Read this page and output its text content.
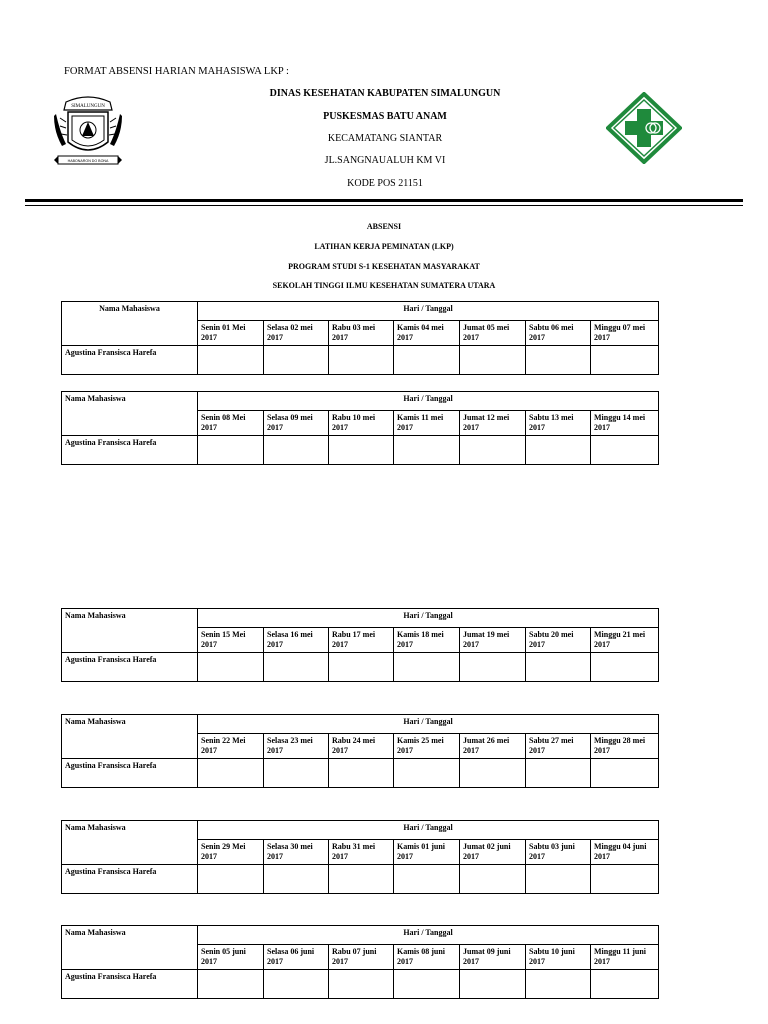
FORMAT ABSENSI HARIAN MAHASISWA LKP :
SIMALUNGUN
HABONARON DO BONA
DINAS KESEHATAN KABUPATEN SIMALUNGUN
PUSKESMAS BATU ANAM
KECAMATANG SIANTAR
JL.SANGNAUALUH KM VI
KODE POS 21151
ABSENSI
LATIHAN KERJA PEMINATAN (LKP)
PROGRAM STUDI S-1 KESEHATAN MASYARAKAT
SEKOLAH TINGGI ILMU KESEHATAN SUMATERA UTARA
Nama Mahasiswa	Hari / Tanggal						
	Senin 01 Mei 2017	Selasa 02 mei 2017	Rabu 03 mei 2017	Kamis 04 mei 2017	Jumat 05 mei 2017	Sabtu 06 mei 2017	Minggu 07 mei 2017
Agustina Fransisca Harefa							
Nama Mahasiswa	Hari / Tanggal						
	Senin 08 Mei 2017	Selasa 09 mei 2017	Rabu 10 mei 2017	Kamis 11 mei 2017	Jumat 12 mei 2017	Sabtu 13 mei 2017	Minggu 14 mei 2017
Agustina Fransisca Harefa							
Nama Mahasiswa	Hari / Tanggal						
	Senin 15 Mei 2017	Selasa 16 mei 2017	Rabu 17 mei 2017	Kamis 18 mei 2017	Jumat 19 mei 2017	Sabtu 20 mei 2017	Minggu 21 mei 2017
Agustina Fransisca Harefa							
Nama Mahasiswa	Hari / Tanggal						
	Senin 22 Mei 2017	Selasa 23 mei 2017	Rabu 24 mei 2017	Kamis 25 mei 2017	Jumat 26 mei 2017	Sabtu 27 mei 2017	Minggu 28 mei 2017
Agustina Fransisca Harefa							
Nama Mahasiswa	Hari / Tanggal						
	Senin 29 Mei 2017	Selasa 30 mei 2017	Rabu 31 mei 2017	Kamis 01 juni 2017	Jumat 02 juni 2017	Sabtu 03 juni 2017	Minggu 04 juni 2017
Agustina Fransisca Harefa							
Nama Mahasiswa	Hari / Tanggal						
	Senin 05 juni 2017	Selasa 06 juni 2017	Rabu 07 juni 2017	Kamis 08 juni 2017	Jumat 09 juni 2017	Sabtu 10 juni 2017	Minggu 11 juni 2017
Agustina Fransisca Harefa							
